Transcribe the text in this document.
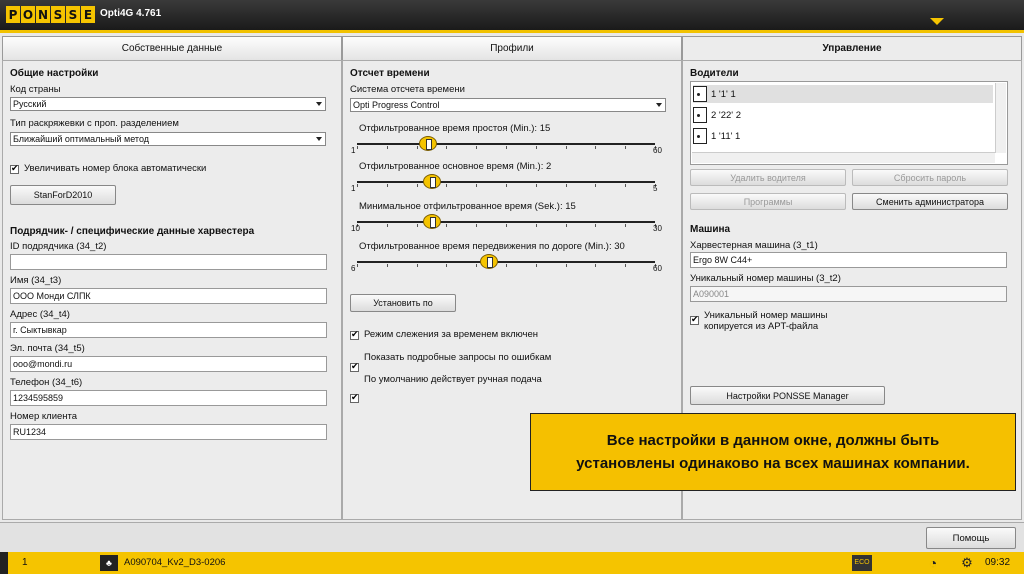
P O N S S E Opti4G 4.761
Собственные данные	Профили	Управление
Общие настройки
Код страны
Русский
Тип раскряжевки с проп. разделением
Ближайший оптимальный метод
✔
Увеличивать номер блока автоматически
StanForD2010
Подрядчик- / специфические данные харвестера
ID подрядчика (34_t2)
Имя (34_t3)
ООО Монди СЛПК
Адрес (34_t4)
г. Сыктывкар
Эл. почта (34_t5)
ooo@mondi.ru
Телефон (34_t6)
1234595859
Номер клиента
RU1234
Отсчет времени
Система отсчета времени
Opti Progress Control
Отфильтрованное время простоя (Min.): 15
1	60
Отфильтрованное основное время (Min.): 2
1	5
Минимальное отфильтрованное время (Sek.): 15
10	30
Отфильтрованное время передвижения по дороге (Min.): 30
6	60
Установить по
✔
Режим слежения за временем включен
✔
Показать подробные запросы по ошибкам
✔
По умолчанию действует ручная подача
Водители
1 '1' 1
2 '22' 2
1 '11' 1
Удалить водителя	Сбросить пароль
Программы	Сменить администратора
Машина
Харвестерная машина (3_t1)
Ergo 8W C44+
Уникальный номер машины (3_t2)
A090001
✔
Уникальный номер машины
копируется из APT-файла
Настройки PONSSE Manager
Все настройки в данном окне, должны быть
установлены одинаково на всех машинах компании.
Помощь
1	♣	A090704_Kv2_D3-0206	ECO	◔	⚙	09:32
